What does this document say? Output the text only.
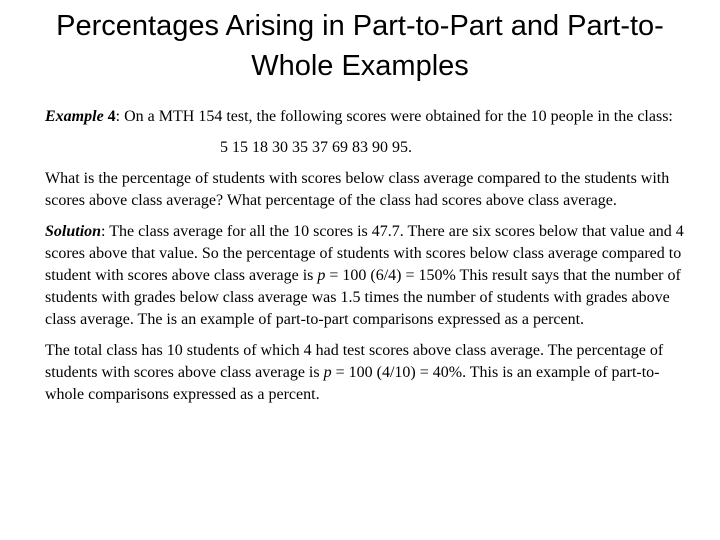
Percentages Arising in Part-to-Part and Part-to-Whole Examples

Example 4: On a MTH 154 test, the following scores were obtained for the 10 people in the class:

5 15 18 30 35 37 69 83 90 95.

What is the percentage of students with scores below class average compared to the students with scores above class average? What percentage of the class had scores above class average.

Solution: The class average for all the 10 scores is 47.7. There are six scores below that value and 4 scores above that value. So the percentage of students with scores below class average compared to student with scores above class average is p = 100 (6/4) = 150% This result says that the number of students with grades below class average was 1.5 times the number of students with grades above class average. The is an example of part-to-part comparisons expressed as a percent.

The total class has 10 students of which 4 had test scores above class average. The percentage of students with scores above class average is p = 100 (4/10) = 40%. This is an example of part-to-whole comparisons expressed as a percent.
